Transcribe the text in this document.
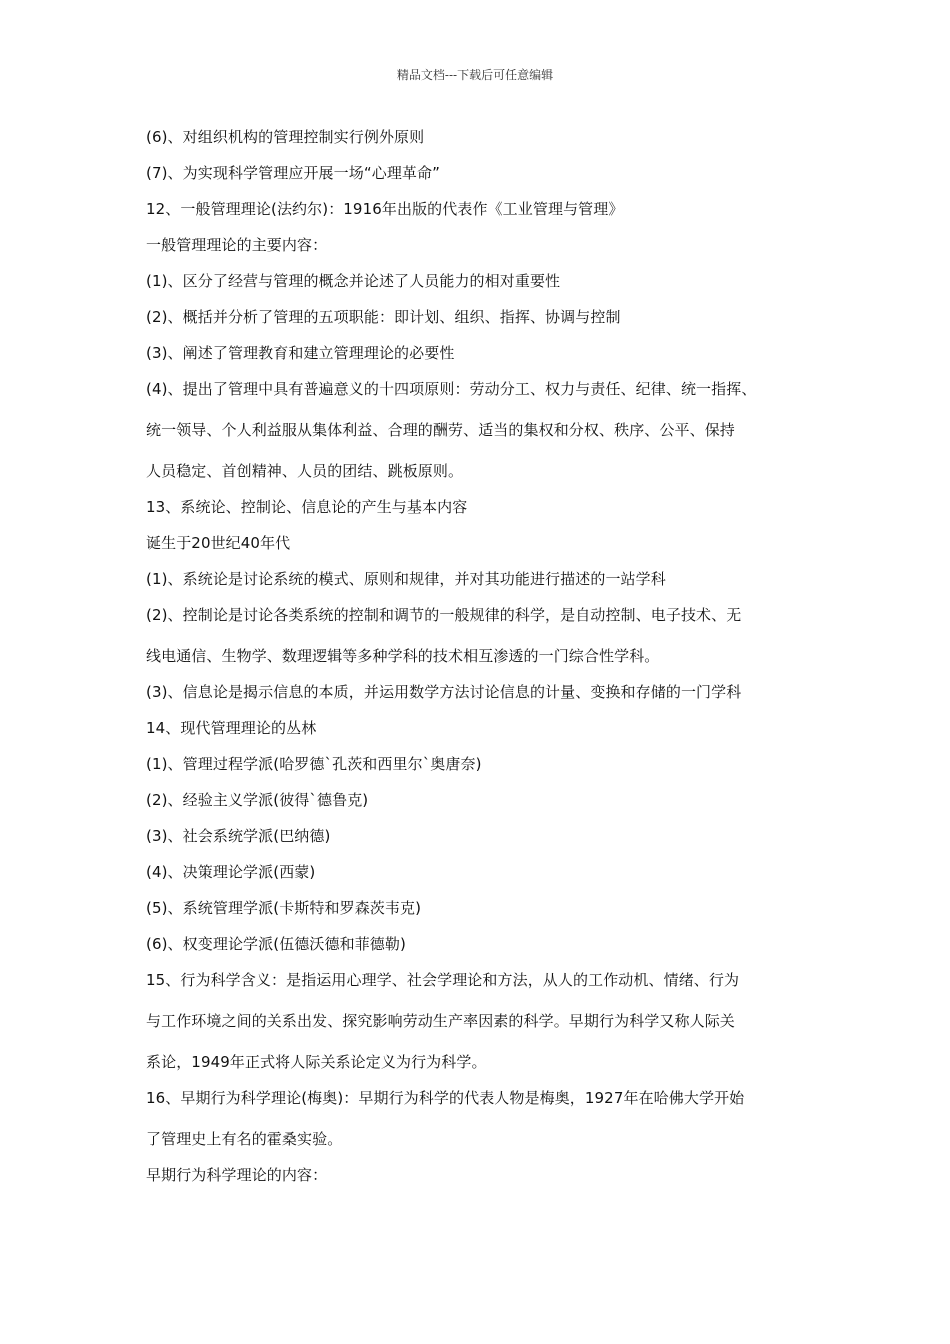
精品文档---下载后可任意编辑
(6)、对组织机构的管理控制实行例外原则
(7)、为实现科学管理应开展一场“心理革命”
12、一般管理理论(法约尔)：1916年出版的代表作《工业管理与管理》
一般管理理论的主要内容：
(1)、区分了经营与管理的概念并论述了人员能力的相对重要性
(2)、概括并分析了管理的五项职能：即计划、组织、指挥、协调与控制
(3)、阐述了管理教育和建立管理理论的必要性
(4)、提出了管理中具有普遍意义的十四项原则：劳动分工、权力与责任、纪律、统一指挥、
统一领导、个人利益服从集体利益、合理的酬劳、适当的集权和分权、秩序、公平、保持
人员稳定、首创精神、人员的团结、跳板原则。
13、系统论、控制论、信息论的产生与基本内容
诞生于20世纪40年代
(1)、系统论是讨论系统的模式、原则和规律，并对其功能进行描述的一站学科
(2)、控制论是讨论各类系统的控制和调节的一般规律的科学，是自动控制、电子技术、无
线电通信、生物学、数理逻辑等多种学科的技术相互渗透的一门综合性学科。
(3)、信息论是揭示信息的本质，并运用数学方法讨论信息的计量、变换和存储的一门学科
14、现代管理理论的丛林
(1)、管理过程学派(哈罗德`孔茨和西里尔`奥唐奈)
(2)、经验主义学派(彼得`德鲁克)
(3)、社会系统学派(巴纳德)
(4)、决策理论学派(西蒙)
(5)、系统管理学派(卡斯特和罗森茨韦克)
(6)、权变理论学派(伍德沃德和菲德勒)
15、行为科学含义：是指运用心理学、社会学理论和方法，从人的工作动机、情绪、行为
与工作环境之间的关系出发、探究影响劳动生产率因素的科学。早期行为科学又称人际关
系论，1949年正式将人际关系论定义为行为科学。
16、早期行为科学理论(梅奥)：早期行为科学的代表人物是梅奥，1927年在哈佛大学开始
了管理史上有名的霍桑实验。
早期行为科学理论的内容：
